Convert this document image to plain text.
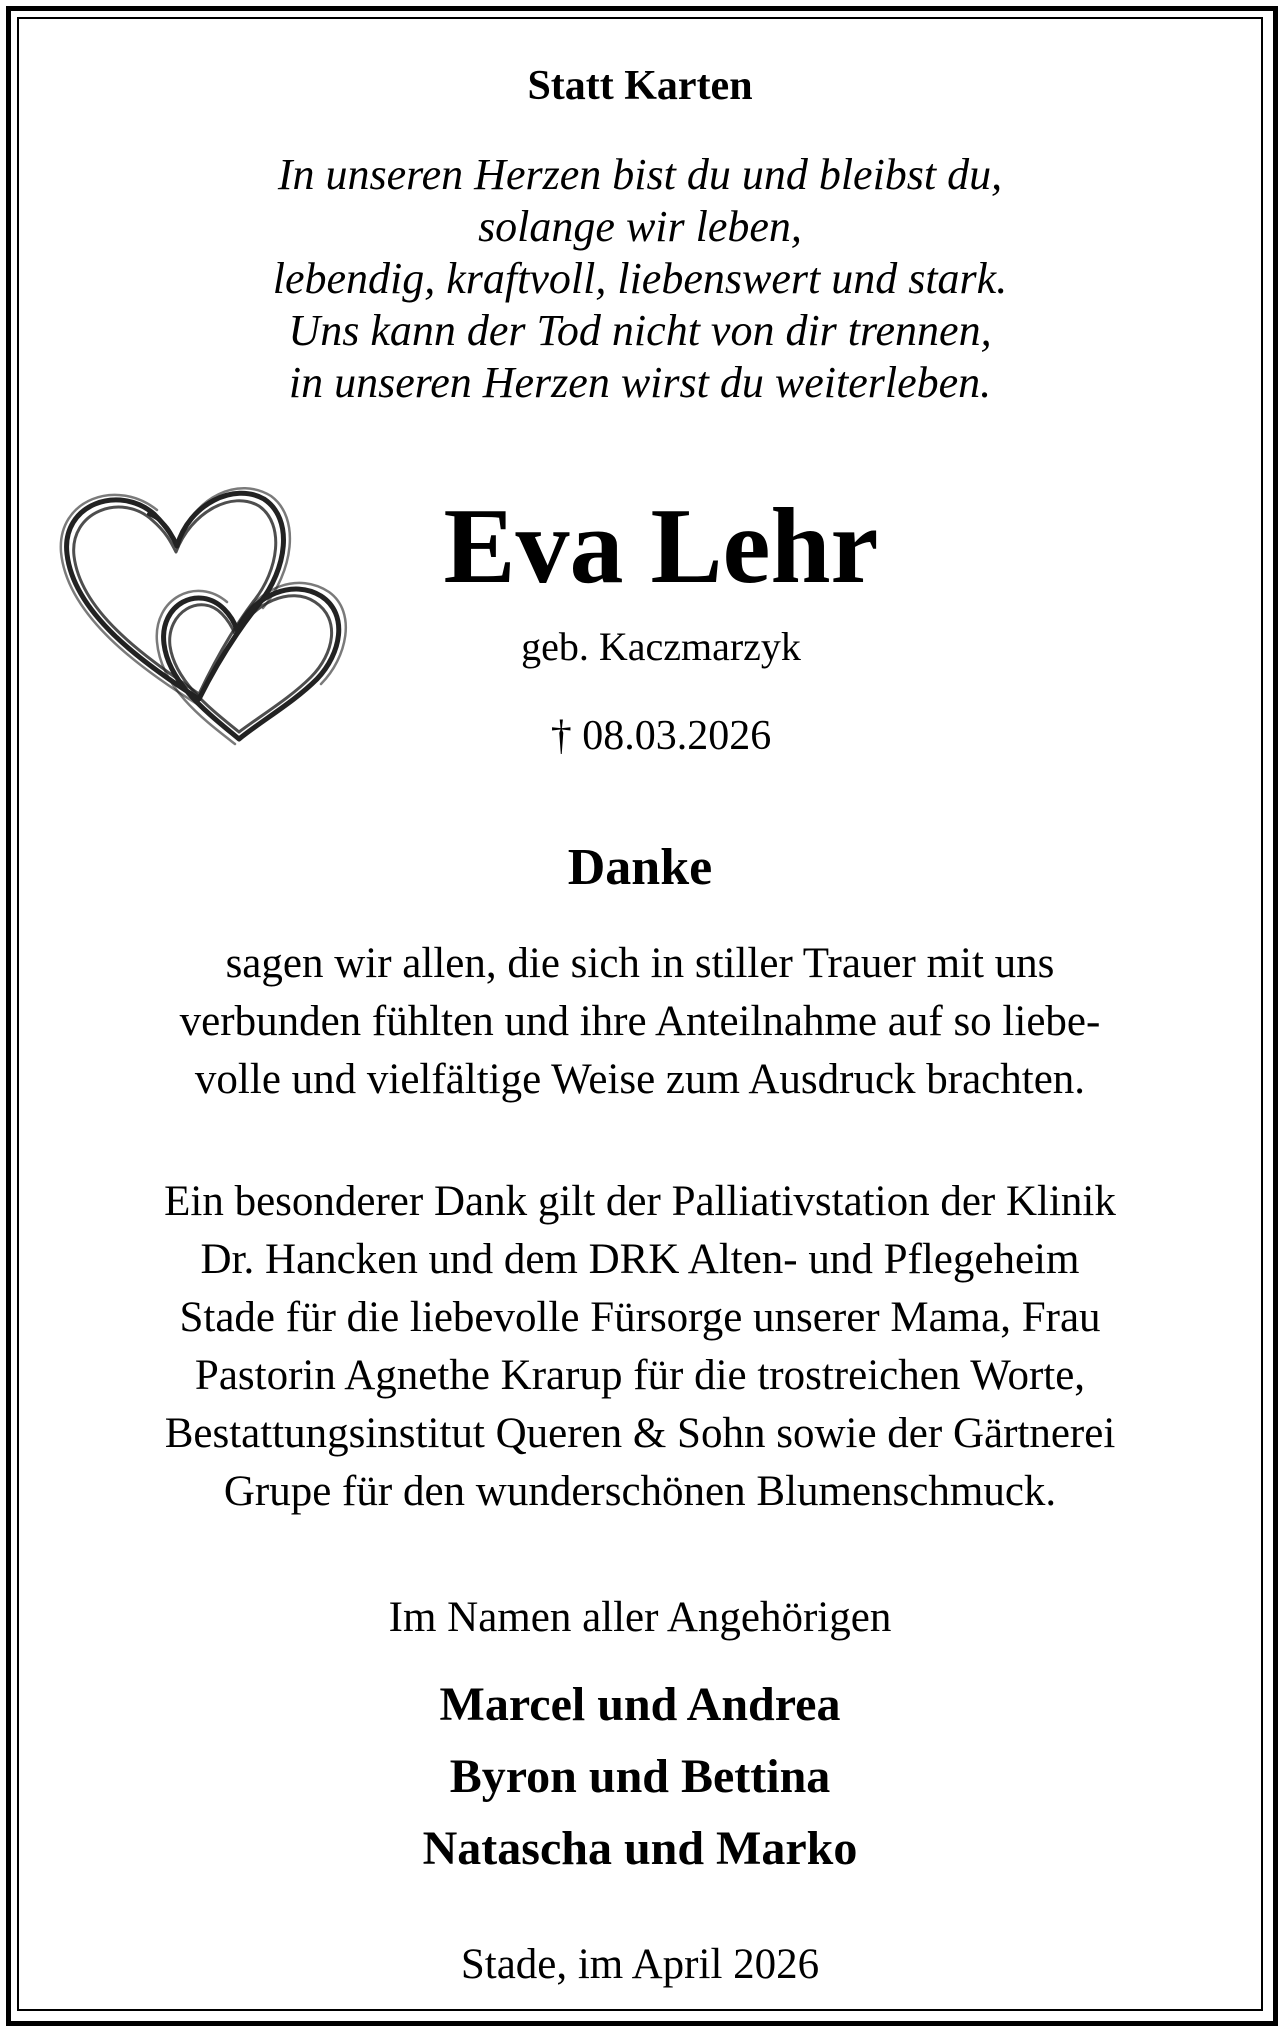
Statt Karten
In unseren Herzen bist du und bleibst du,
solange wir leben,
lebendig, kraftvoll, liebenswert und stark.
Uns kann der Tod nicht von dir trennen,
in unseren Herzen wirst du weiterleben.
Eva Lehr
geb. Kaczmarzyk
† 08.03.2026
Danke
sagen wir allen, die sich in stiller Trauer mit uns
verbunden fühlten und ihre Anteilnahme auf so liebe-
volle und vielfältige Weise zum Ausdruck brachten.
Ein besonderer Dank gilt der Palliativstation der Klinik
Dr. Hancken und dem DRK Alten- und Pflegeheim
Stade für die liebevolle Fürsorge unserer Mama, Frau
Pastorin Agnethe Krarup für die trostreichen Worte,
Bestattungsinstitut Queren & Sohn sowie der Gärtnerei
Grupe für den wunderschönen Blumenschmuck.
Im Namen aller Angehörigen
Marcel und Andrea
Byron und Bettina
Natascha und Marko
Stade, im April 2026
